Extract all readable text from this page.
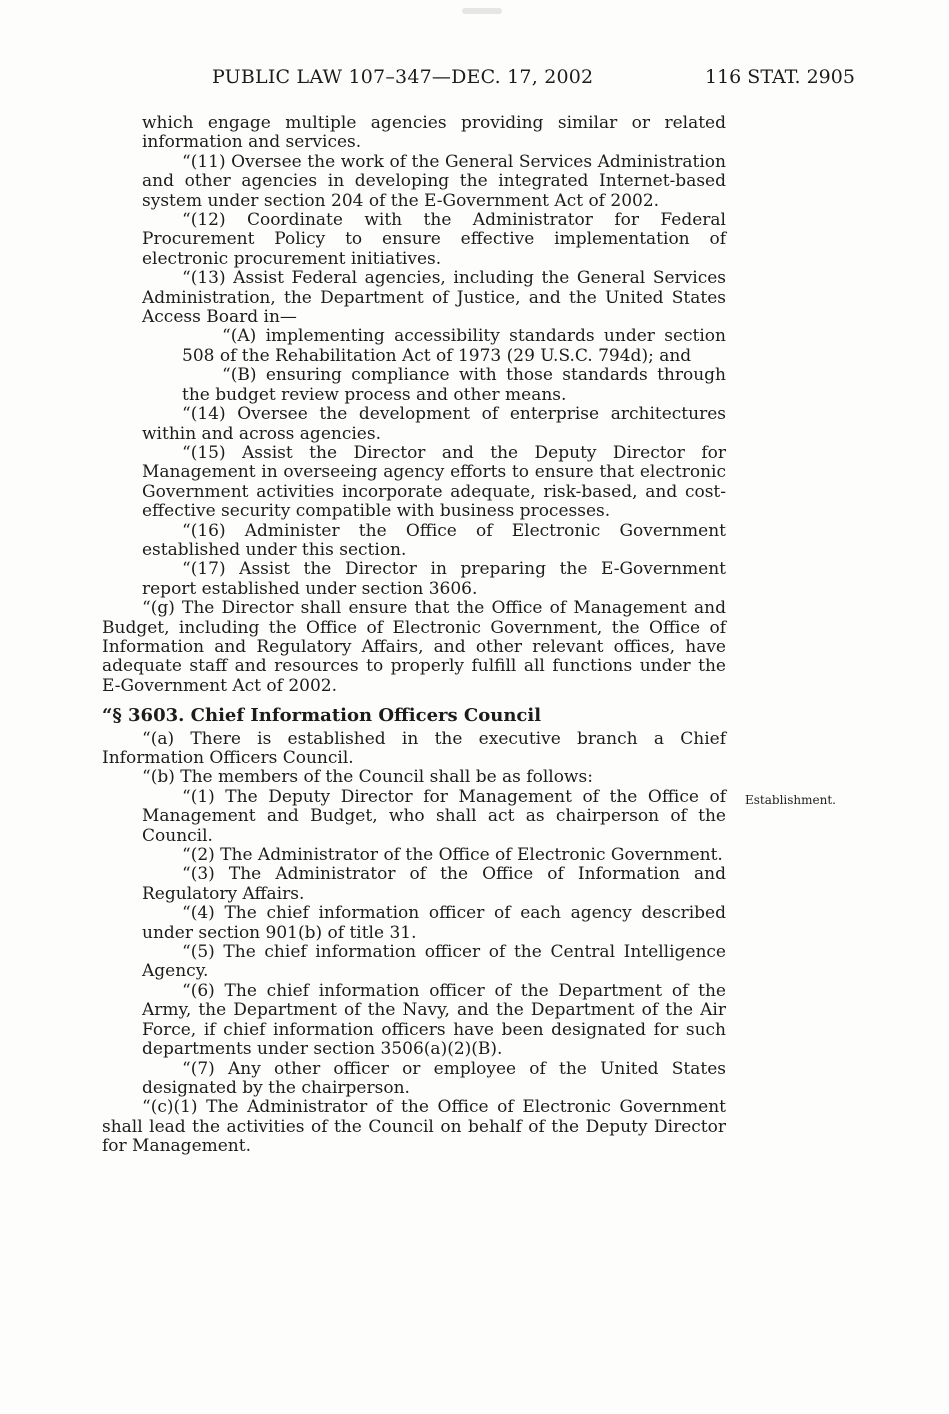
PUBLIC LAW 107–347—DEC. 17, 2002	116 STAT. 2905
Establishment.

which engage multiple agencies providing similar or related information and services.

“(11) Oversee the work of the General Services Administration and other agencies in developing the integrated Internet-based system under section 204 of the E-Government Act of 2002.

“(12) Coordinate with the Administrator for Federal Procurement Policy to ensure effective implementation of electronic procurement initiatives.

“(13) Assist Federal agencies, including the General Services Administration, the Department of Justice, and the United States Access Board in—

“(A) implementing accessibility standards under section 508 of the Rehabilitation Act of 1973 (29 U.S.C. 794d); and

“(B) ensuring compliance with those standards through the budget review process and other means.

“(14) Oversee the development of enterprise architectures within and across agencies.

“(15) Assist the Director and the Deputy Director for Management in overseeing agency efforts to ensure that electronic Government activities incorporate adequate, risk-based, and cost-effective security compatible with business processes.

“(16) Administer the Office of Electronic Government established under this section.

“(17) Assist the Director in preparing the E-Government report established under section 3606.

“(g) The Director shall ensure that the Office of Management and Budget, including the Office of Electronic Government, the Office of Information and Regulatory Affairs, and other relevant offices, have adequate staff and resources to properly fulfill all functions under the E-Government Act of 2002.

“§ 3603. Chief Information Officers Council

“(a) There is established in the executive branch a Chief Information Officers Council.

“(b) The members of the Council shall be as follows:

“(1) The Deputy Director for Management of the Office of Management and Budget, who shall act as chairperson of the Council.

“(2) The Administrator of the Office of Electronic Government.

“(3) The Administrator of the Office of Information and Regulatory Affairs.

“(4) The chief information officer of each agency described under section 901(b) of title 31.

“(5) The chief information officer of the Central Intelligence Agency.

“(6) The chief information officer of the Department of the Army, the Department of the Navy, and the Department of the Air Force, if chief information officers have been designated for such departments under section 3506(a)(2)(B).

“(7) Any other officer or employee of the United States designated by the chairperson.

“(c)(1) The Administrator of the Office of Electronic Government shall lead the activities of the Council on behalf of the Deputy Director for Management.
